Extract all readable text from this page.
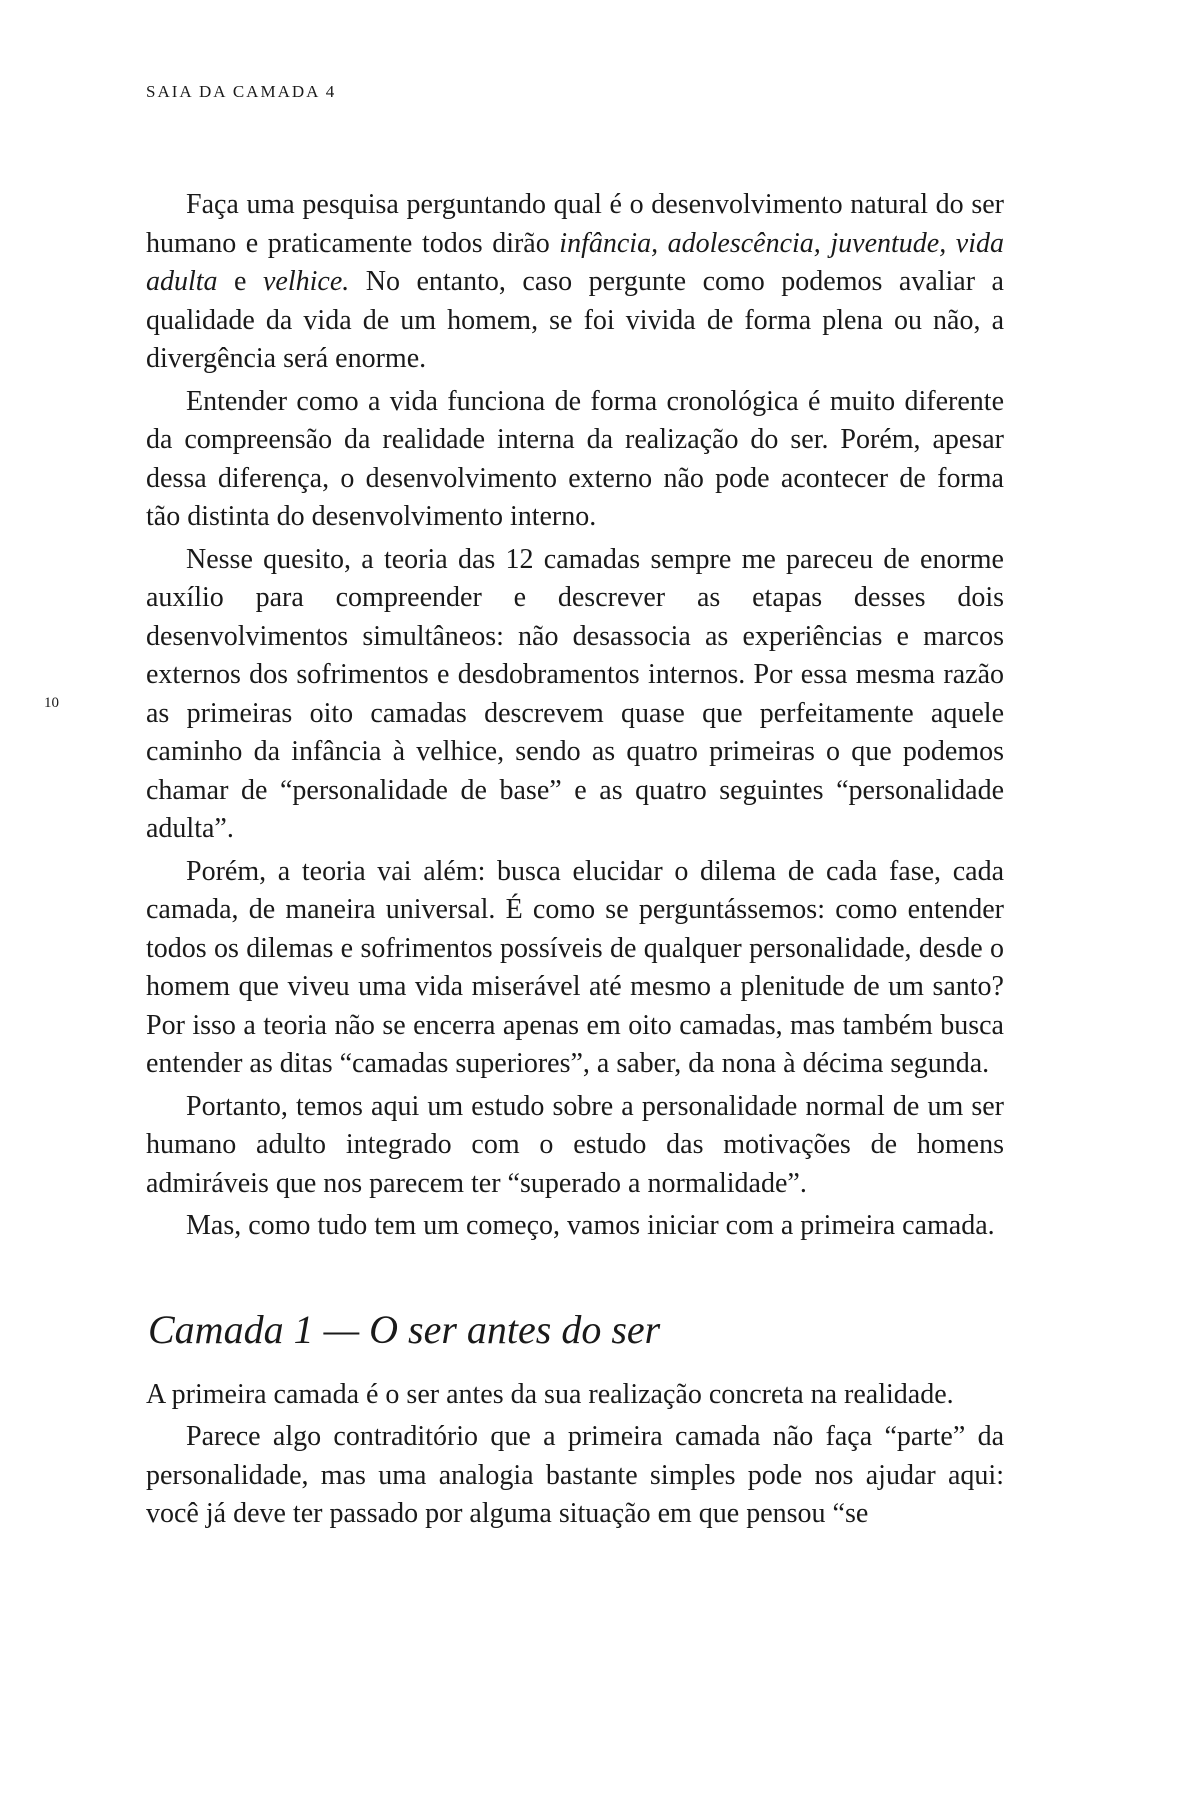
SAIA DA CAMADA 4
10

Faça uma pesquisa perguntando qual é o desenvolvimento natural do ser humano e praticamente todos dirão infância, adolescência, juventude, vida adulta e velhice. No entanto, caso pergunte como podemos avaliar a qualidade da vida de um homem, se foi vivida de forma plena ou não, a divergência será enorme.

Entender como a vida funciona de forma cronológica é muito diferente da compreensão da realidade interna da realização do ser. Porém, apesar dessa diferença, o desenvolvimento externo não pode acontecer de forma tão distinta do desenvolvimento interno.

Nesse quesito, a teoria das 12 camadas sempre me pareceu de enorme auxílio para compreender e descrever as etapas desses dois desenvolvimentos simultâneos: não desassocia as experiências e marcos externos dos sofrimentos e desdobramentos internos. Por essa mesma razão as primeiras oito camadas descrevem quase que perfeitamente aquele caminho da infância à velhice, sendo as quatro primeiras o que podemos chamar de “personalidade de base” e as quatro seguintes “personalidade adulta”.

Porém, a teoria vai além: busca elucidar o dilema de cada fase, cada camada, de maneira universal. É como se perguntássemos: como entender todos os dilemas e sofrimentos possíveis de qualquer personalidade, desde o homem que viveu uma vida miserável até mesmo a plenitude de um santo? Por isso a teoria não se encerra apenas em oito camadas, mas também busca entender as ditas “camadas superiores”, a saber, da nona à décima segunda.

Portanto, temos aqui um estudo sobre a personalidade normal de um ser humano adulto integrado com o estudo das motivações de homens admiráveis que nos parecem ter “superado a normalidade”.

Mas, como tudo tem um começo, vamos iniciar com a primeira camada.

Camada 1 — O ser antes do ser

A primeira camada é o ser antes da sua realização concreta na realidade.

Parece algo contraditório que a primeira camada não faça “parte” da personalidade, mas uma analogia bastante simples pode nos ajudar aqui: você já deve ter passado por alguma situação em que pensou “se
